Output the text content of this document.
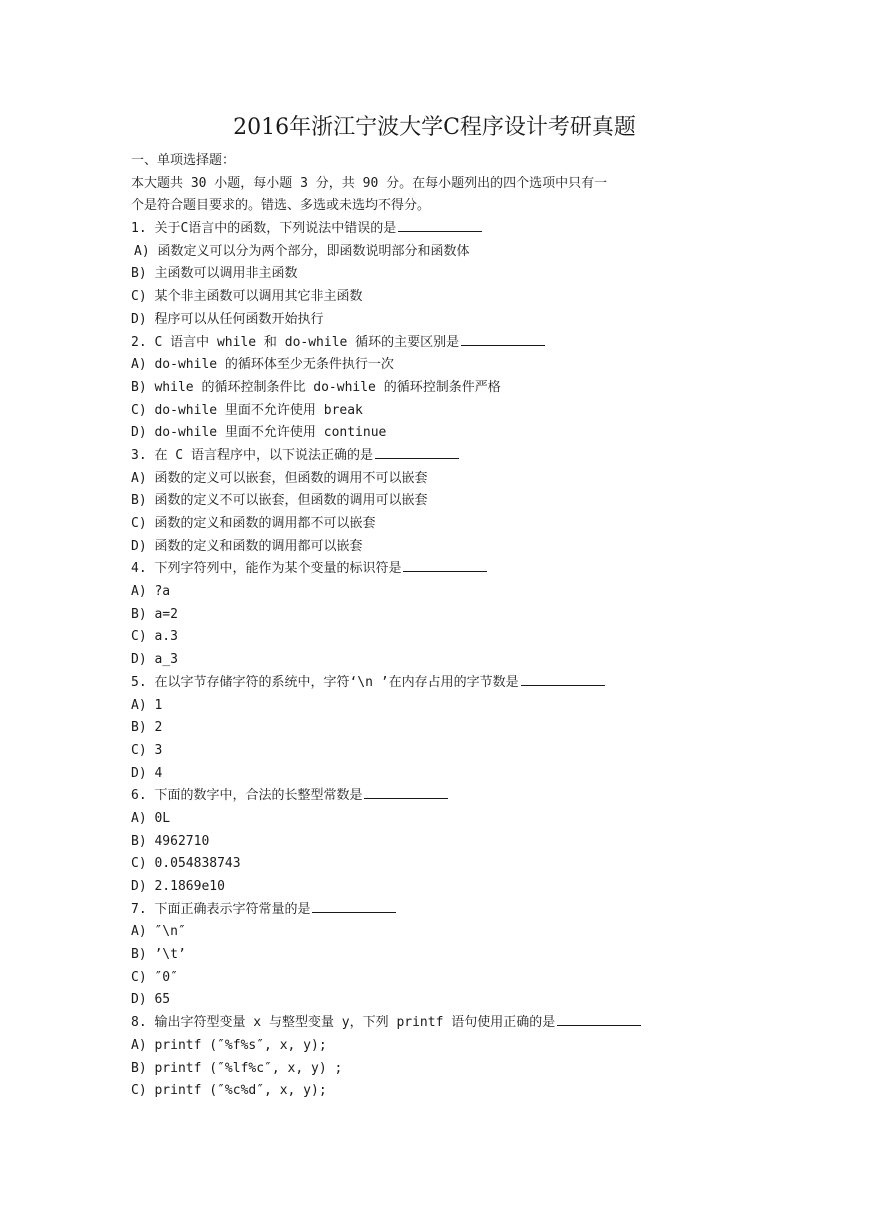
2016年浙江宁波大学C程序设计考研真题
一、单项选择题：
本大题共 30 小题，每小题 3 分，共 90 分。在每小题列出的四个选项中只有一
个是符合题目要求的。错选、多选或未选均不得分。
1. 关于C语言中的函数，下列说法中错误的是
A) 函数定义可以分为两个部分，即函数说明部分和函数体
B) 主函数可以调用非主函数
C) 某个非主函数可以调用其它非主函数
D) 程序可以从任何函数开始执行
2. C 语言中 while 和 do-while 循环的主要区别是
A) do-while 的循环体至少无条件执行一次
B) while 的循环控制条件比 do-while 的循环控制条件严格
C) do-while 里面不允许使用 break
D) do-while 里面不允许使用 continue
3. 在 C 语言程序中，以下说法正确的是
A) 函数的定义可以嵌套，但函数的调用不可以嵌套
B) 函数的定义不可以嵌套，但函数的调用可以嵌套
C) 函数的定义和函数的调用都不可以嵌套
D) 函数的定义和函数的调用都可以嵌套
4. 下列字符列中，能作为某个变量的标识符是
A) ?a
B) a=2
C) a.3
D) a_3
5. 在以字节存储字符的系统中，字符‘\n ’在内存占用的字节数是
A) 1
B) 2
C) 3
D) 4
6. 下面的数字中，合法的长整型常数是
A) 0L
B) 4962710
C) 0.054838743
D) 2.1869e10
7. 下面正确表示字符常量的是
A) ″\n″
B) ’\t’
C) ″0″
D) 65
8. 输出字符型变量 x 与整型变量 y，下列 printf 语句使用正确的是
A) printf (″%f%s″, x, y);
B) printf (″%lf%c″, x, y) ;
C) printf (″%c%d″, x, y);
